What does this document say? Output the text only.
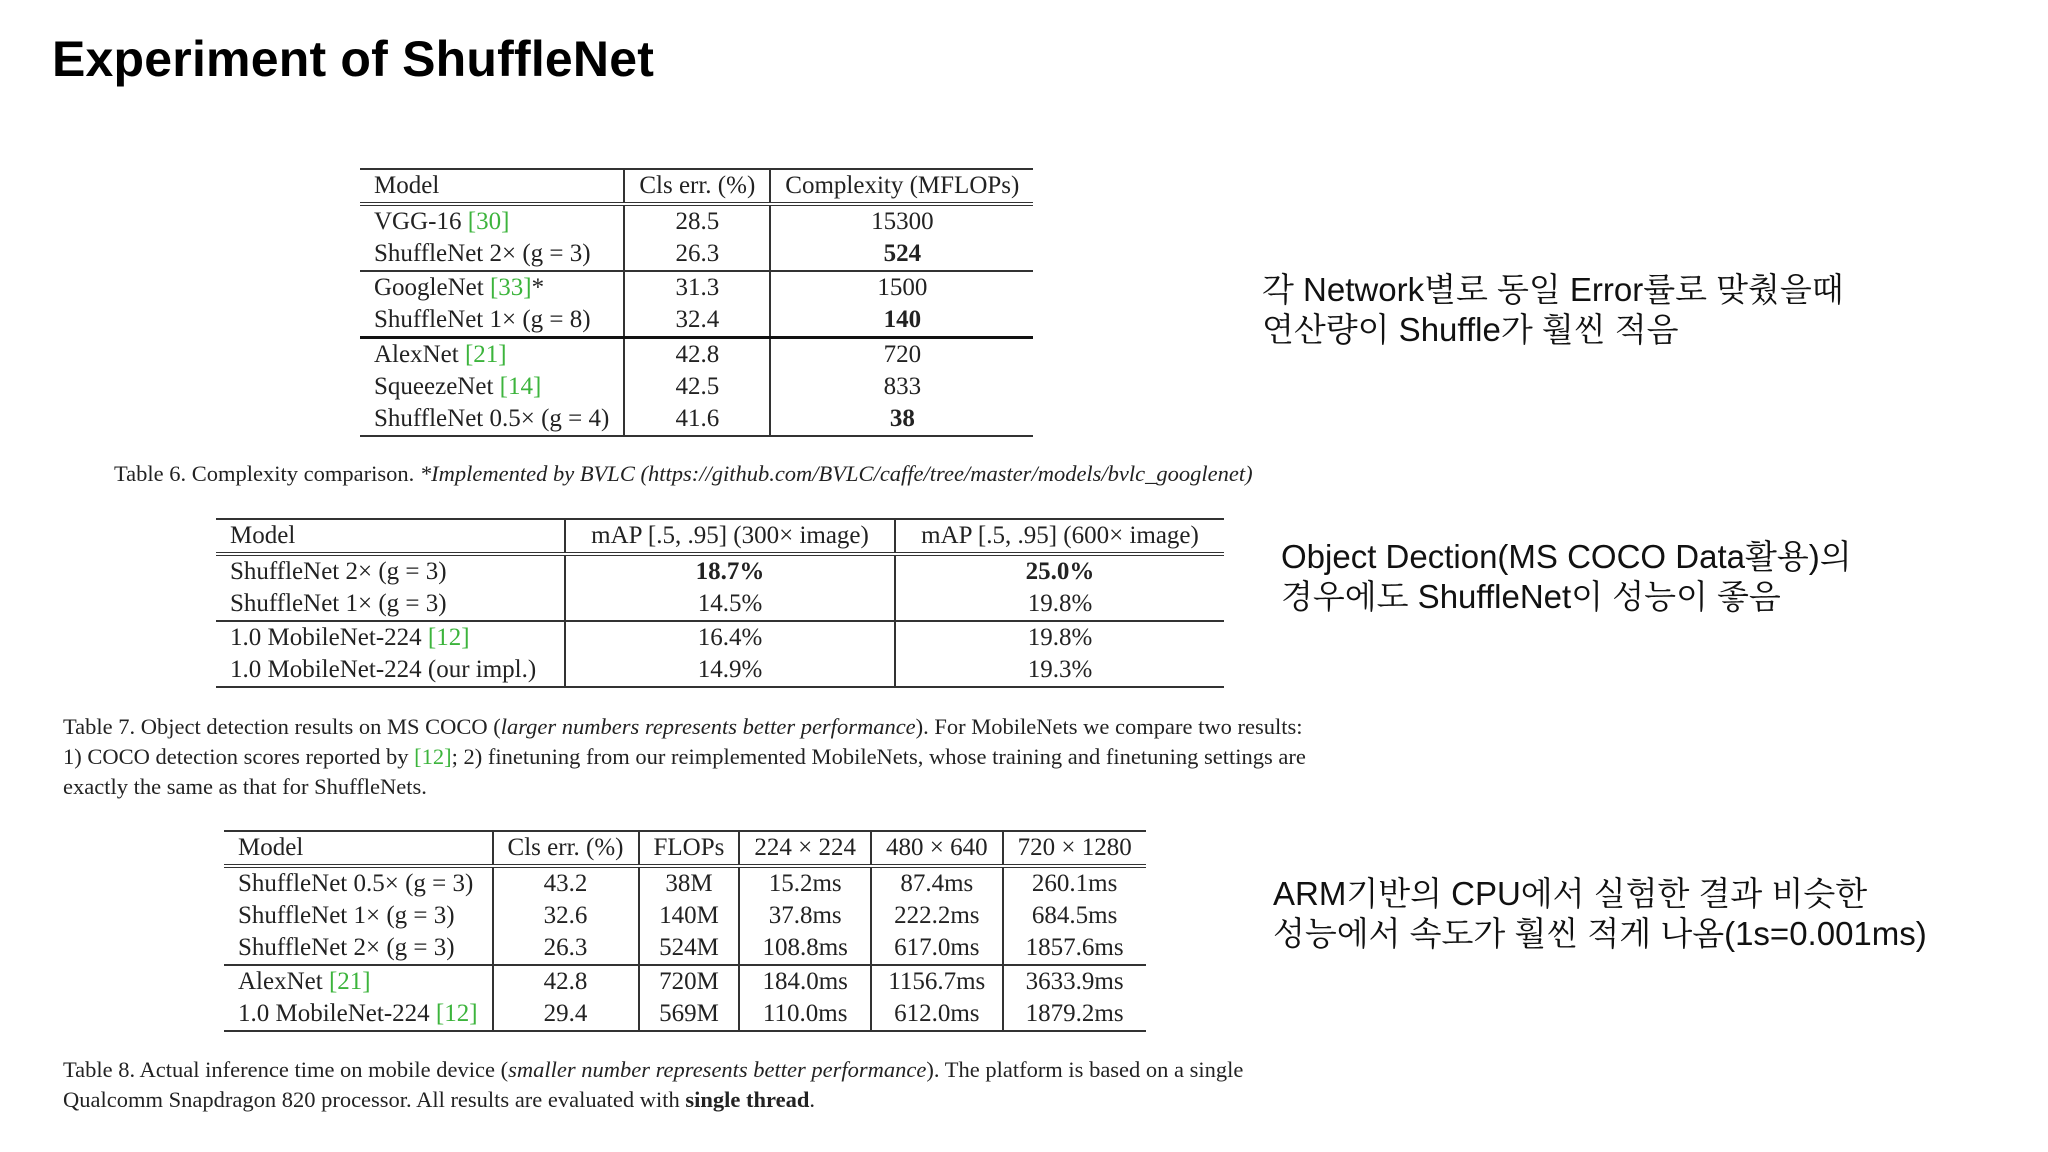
Experiment of ShuffleNet
Model	Cls err. (%)	Complexity (MFLOPs)
VGG-16 [30]	28.5	15300
ShuffleNet 2× (g = 3)	26.3	524
GoogleNet [33]*	31.3	1500
ShuffleNet 1× (g = 8)	32.4	140
AlexNet [21]	42.8	720
SqueezeNet [14]	42.5	833
ShuffleNet 0.5× (g = 4)	41.6	38
Table 6. Complexity comparison. *Implemented by BVLC (https://github.com/BVLC/caffe/tree/master/models/bvlc_googlenet)
Model	mAP [.5, .95] (300× image)	mAP [.5, .95] (600× image)
ShuffleNet 2× (g = 3)	18.7%	25.0%
ShuffleNet 1× (g = 3)	14.5%	19.8%
1.0 MobileNet-224 [12]	16.4%	19.8%
1.0 MobileNet-224 (our impl.)	14.9%	19.3%
Table 7. Object detection results on MS COCO (larger numbers represents better performance). For MobileNets we compare two results:
1) COCO detection scores reported by [12]; 2) finetuning from our reimplemented MobileNets, whose training and finetuning settings are
exactly the same as that for ShuffleNets.
Model	Cls err. (%)	FLOPs	224 × 224	480 × 640	720 × 1280
ShuffleNet 0.5× (g = 3)	43.2	38M	15.2ms	87.4ms	260.1ms
ShuffleNet 1× (g = 3)	32.6	140M	37.8ms	222.2ms	684.5ms
ShuffleNet 2× (g = 3)	26.3	524M	108.8ms	617.0ms	1857.6ms
AlexNet [21]	42.8	720M	184.0ms	1156.7ms	3633.9ms
1.0 MobileNet-224 [12]	29.4	569M	110.0ms	612.0ms	1879.2ms
Table 8. Actual inference time on mobile device (smaller number represents better performance). The platform is based on a single
Qualcomm Snapdragon 820 processor. All results are evaluated with single thread.
각 Network별로 동일 Error률로 맞췄을때
연산량이 Shuffle가 훨씬 적음
Object Dection(MS COCO Data활용)의
경우에도 ShuffleNet이 성능이 좋음
ARM기반의 CPU에서 실험한 결과 비슷한
성능에서 속도가 훨씬 적게 나옴(1s=0.001ms)
